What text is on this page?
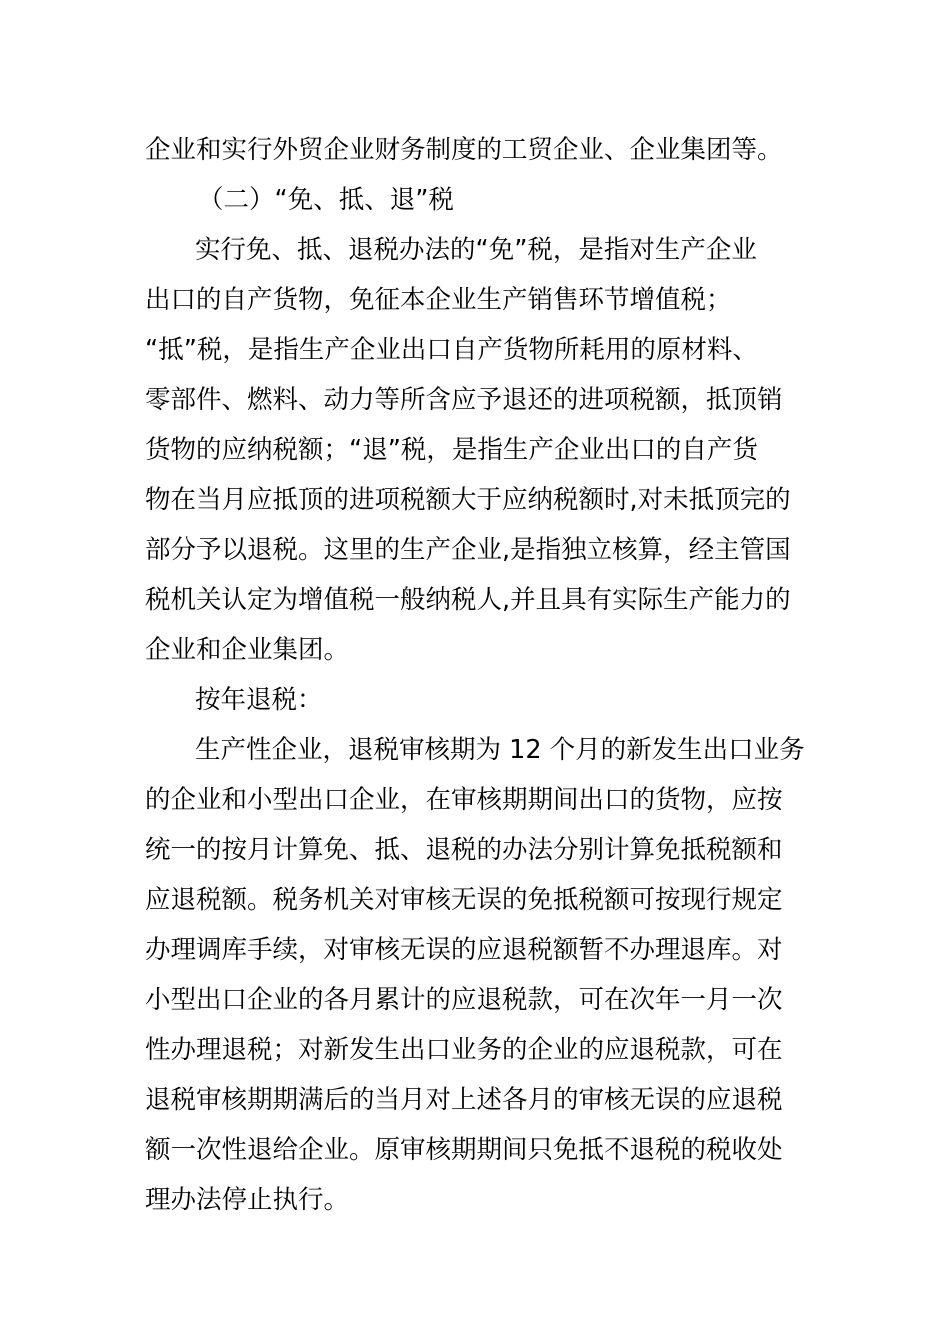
企业和实行外贸企业财务制度的工贸企业、企业集团等。
（二）“免、抵、退”税
实行免、抵、退税办法的“免”税，是指对生产企业
出口的自产货物，免征本企业生产销售环节增值税；
“抵”税，是指生产企业出口自产货物所耗用的原材料、
零部件、燃料、动力等所含应予退还的进项税额，抵顶销
货物的应纳税额；“退”税，是指生产企业出口的自产货
物在当月应抵顶的进项税额大于应纳税额时,对未抵顶完的
部分予以退税。这里的生产企业,是指独立核算，经主管国
税机关认定为增值税一般纳税人,并且具有实际生产能力的
企业和企业集团。
按年退税：
生产性企业，退税审核期为 12 个月的新发生出口业务
的企业和小型出口企业，在审核期期间出口的货物，应按
统一的按月计算免、抵、退税的办法分别计算免抵税额和
应退税额。税务机关对审核无误的免抵税额可按现行规定
办理调库手续，对审核无误的应退税额暂不办理退库。对
小型出口企业的各月累计的应退税款，可在次年一月一次
性办理退税；对新发生出口业务的企业的应退税款，可在
退税审核期期满后的当月对上述各月的审核无误的应退税
额一次性退给企业。原审核期期间只免抵不退税的税收处
理办法停止执行。
